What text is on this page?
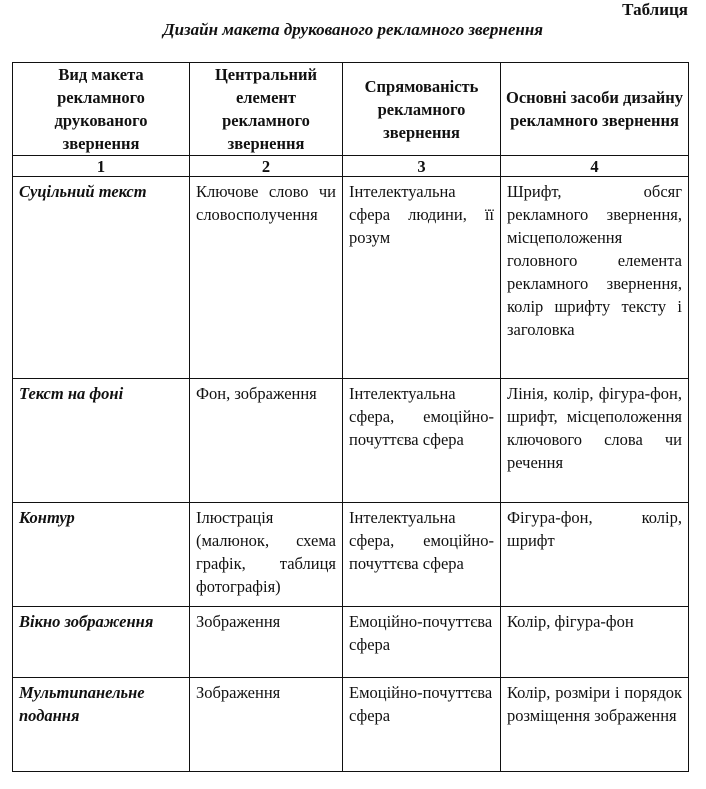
Таблиця
Дизайн макета друкованого рекламного звернення
Вид макета рекламного друкованого звернення	Центральний елемент рекламного звернення	Спрямованість рекламного звернення	Основні засоби дизайну рекламного звернення
1	2	3	4
Суцільний текст	Ключове слово чи словосполучення	Інтелектуальна сфера людини, її розум	Шрифт, обсяг рекламного звернення, місцеположення головного елемента рекламного звернення, колір шрифту тексту і заголовка
Текст на фоні	Фон, зображення	Інтелектуальна сфера, емоційно-почуттєва сфера	Лінія, колір, фігура-фон, шрифт, місцеположення ключового слова чи речення
Контур	Ілюстрація (малюнок, схема графік, таблиця фотографія)	Інтелектуальна сфера, емоційно-почуттєва сфера	Фігура-фон, колір, шрифт
Вікно зображення	Зображення	Емоційно-почуттєва сфера	Колір, фігура-фон
Мультипанельне подання	Зображення	Емоційно-почуттєва сфера	Колір, розміри і порядок розміщення зображення
